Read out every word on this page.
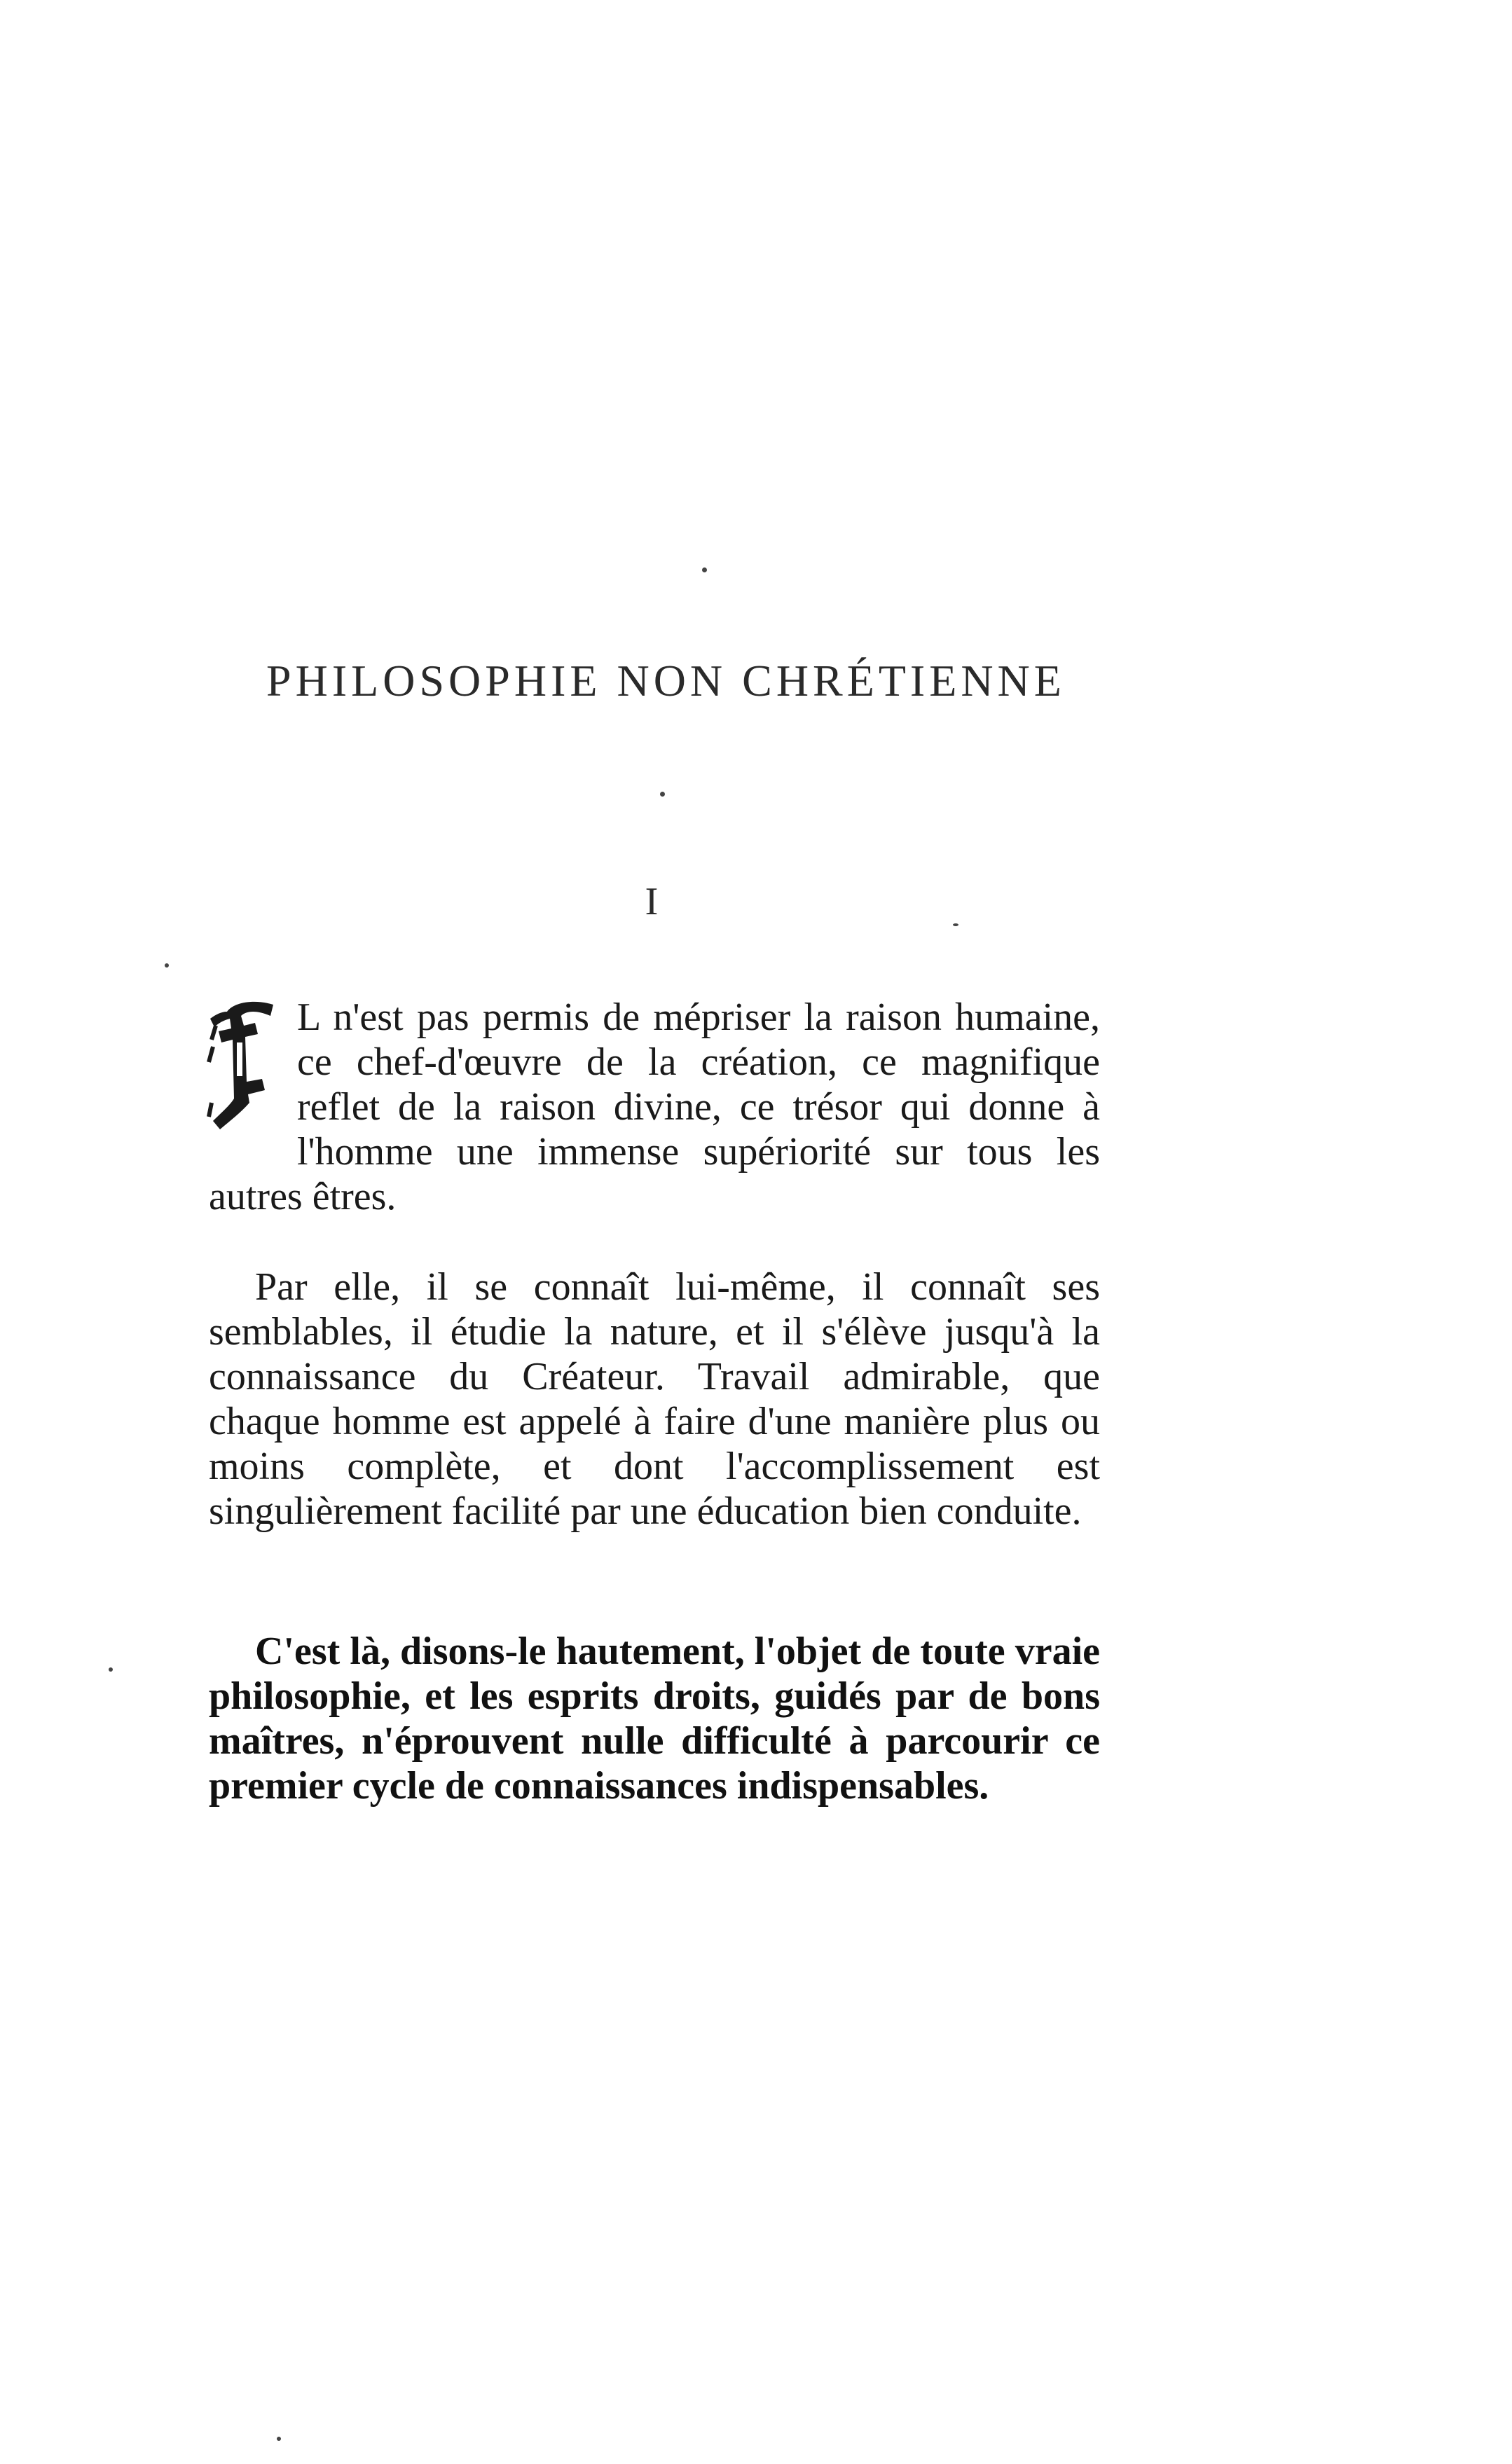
PHILOSOPHIE NON CHRÉTIENNE
I

L n'est pas permis de mépriser la raison humaine, ce chef-d'œuvre de la création, ce magnifique reflet de la raison divine, ce trésor qui donne à l'homme une immense supériorité sur tous les autres êtres.

Par elle, il se connaît lui-même, il connaît ses semblables, il étudie la nature, et il s'élève jusqu'à la connaissance du Créateur. Travail admirable, que chaque homme est appelé à faire d'une manière plus ou moins complète, et dont l'accomplissement est singulièrement facilité par une éducation bien conduite.

C'est là, disons-le hautement, l'objet de toute vraie philosophie, et les esprits droits, guidés par de bons maîtres, n'éprouvent nulle difficulté à parcourir ce premier cycle de connaissances indispensables.
